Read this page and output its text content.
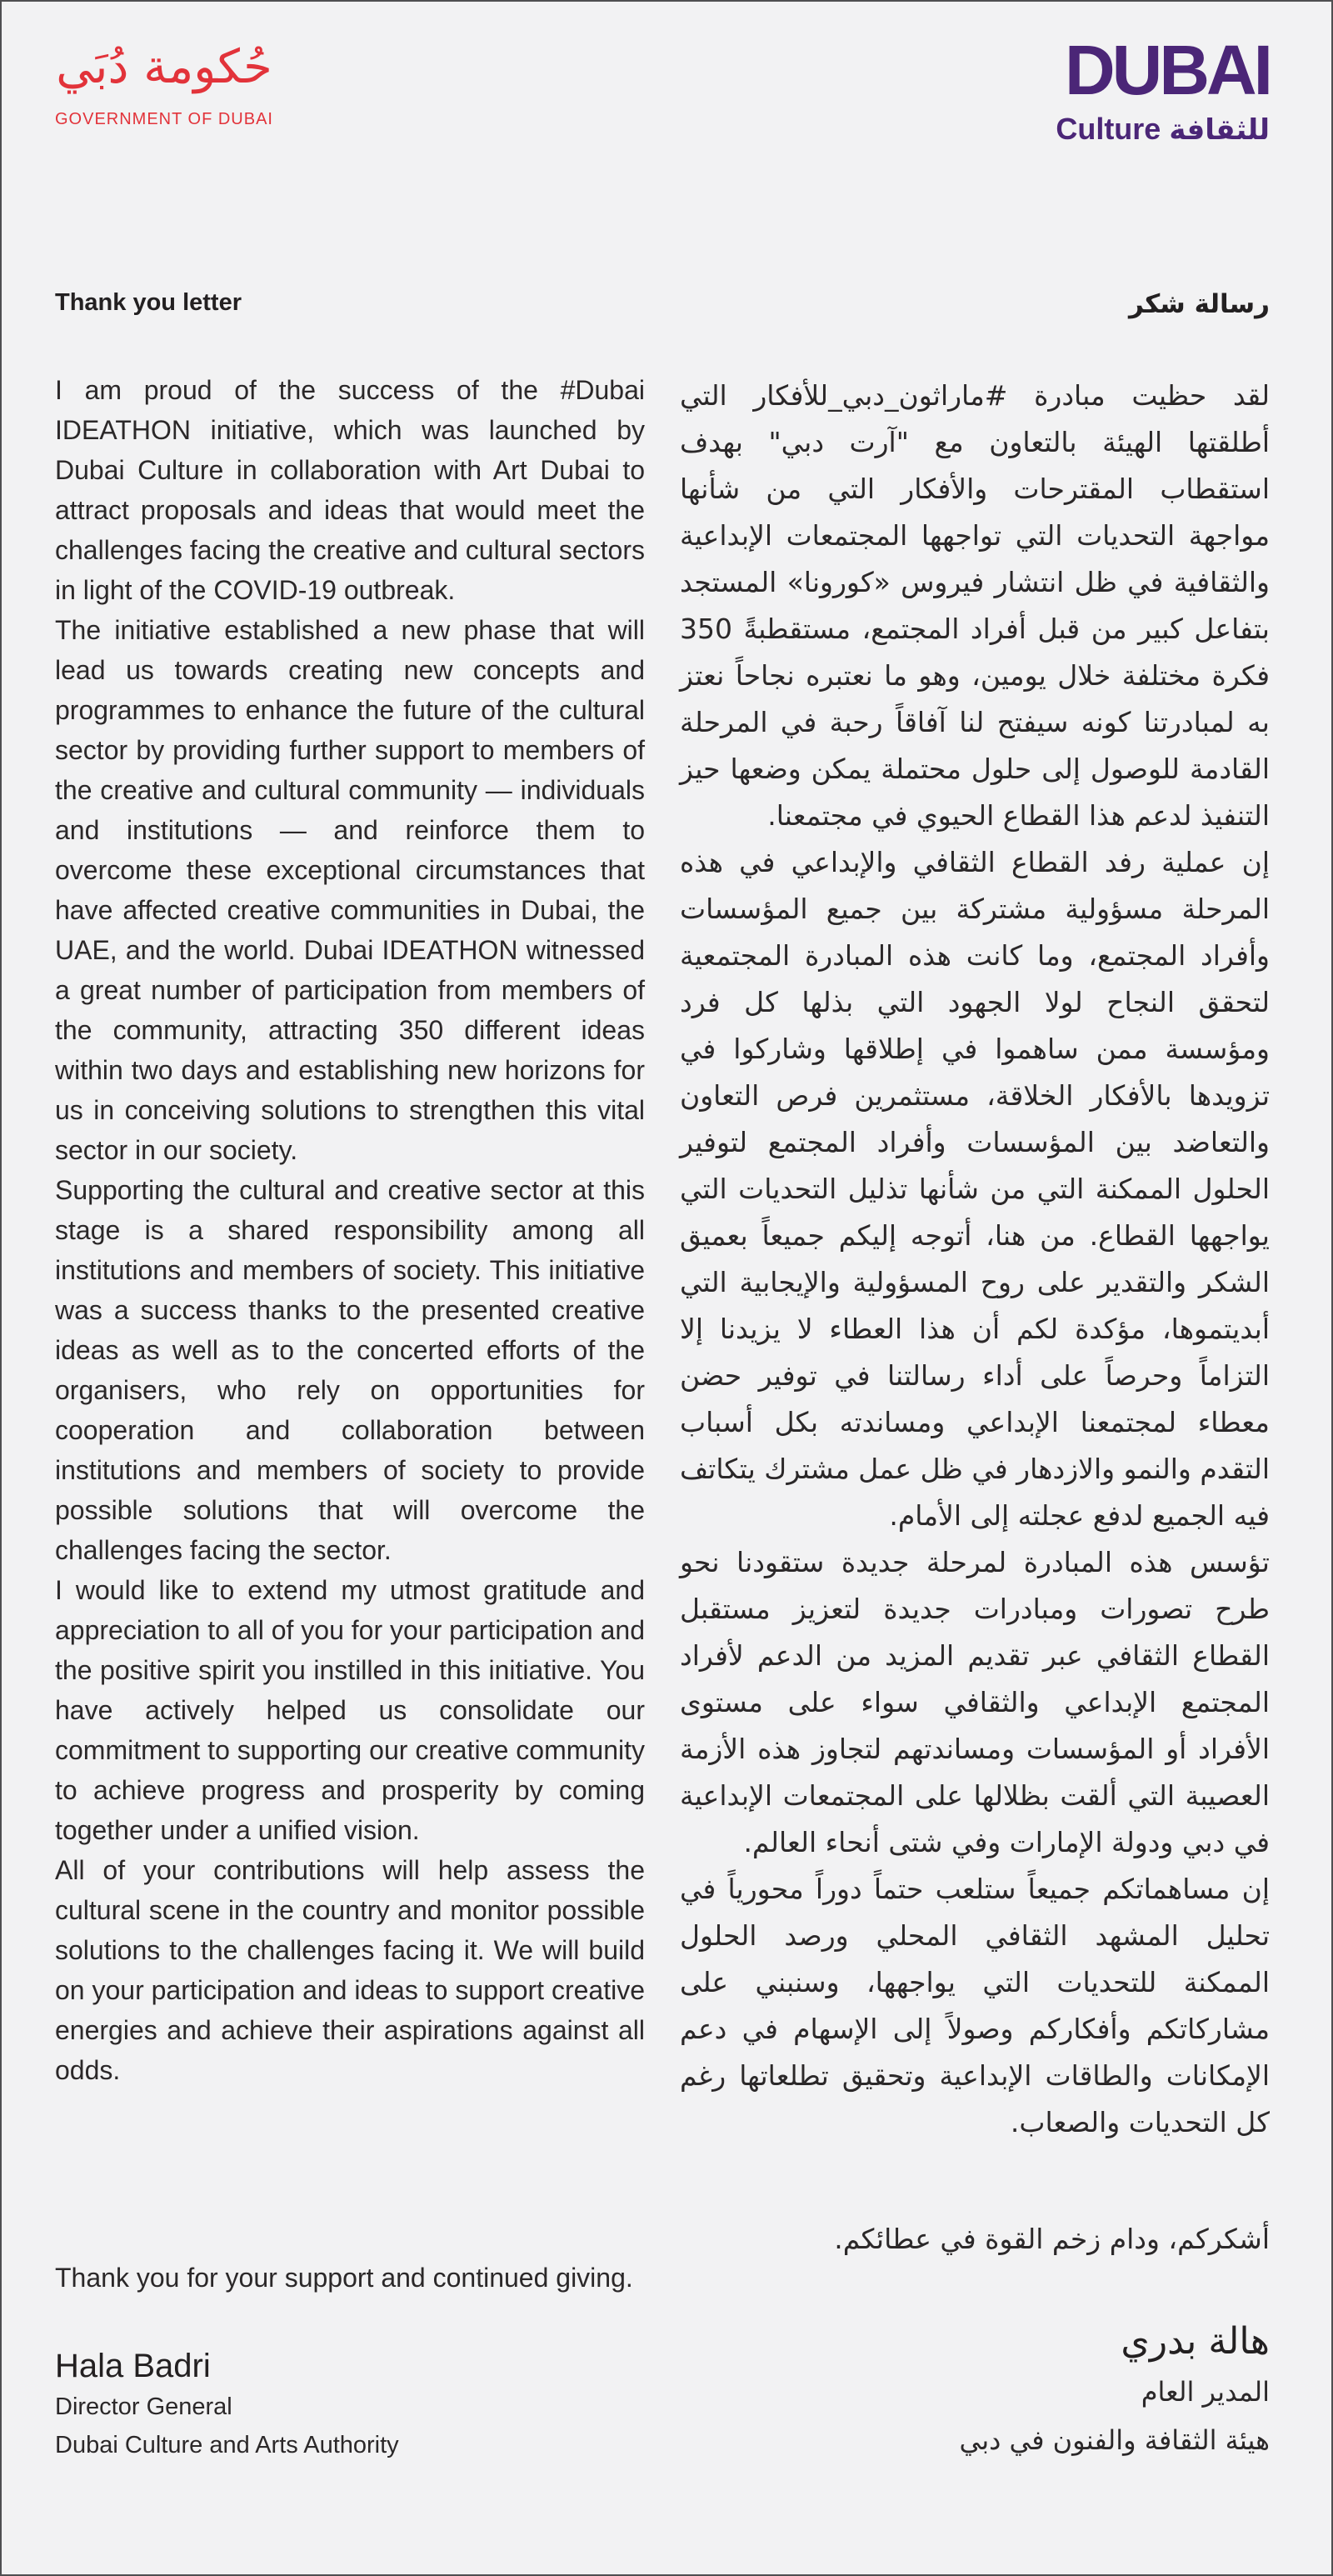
حُكومة دُبَي
GOVERNMENT OF DUBAI
DUBAI
Culture للثقافة
Thank you letter

I am proud of the success of the #Dubai IDEATHON initiative, which was launched by Dubai Culture in collaboration with Art Dubai to attract proposals and ideas that would meet the challenges facing the creative and cultural sectors in light of the COVID-19 outbreak.

The initiative established a new phase that will lead us towards creating new concepts and programmes to enhance the future of the cultural sector by providing further support to members of the creative and cultural community — individuals and institutions — and reinforce them to overcome these exceptional circumstances that have affected creative communities in Dubai, the UAE, and the world. Dubai IDEATHON witnessed a great number of participation from members of the community, attracting 350 different ideas within two days and establishing new horizons for us in conceiving solutions to strengthen this vital sector in our society.

Supporting the cultural and creative sector at this stage is a shared responsibility among all institutions and members of society. This initiative was a success thanks to the presented creative ideas as well as to the concerted efforts of the organisers, who rely on opportunities for cooperation and collaboration between institutions and members of society to provide possible solutions that will overcome the challenges facing the sector.

I would like to extend my utmost gratitude and appreciation to all of you for your participation and the positive spirit you instilled in this initiative. You have actively helped us consolidate our commitment to supporting our creative community to achieve progress and prosperity by coming together under a unified vision.

All of your contributions will help assess the cultural scene in the country and monitor possible solutions to the challenges facing it. We will build on your participation and ideas to support creative energies and achieve their aspirations against all odds.

Thank you for your support and continued giving.

Hala Badri
Director General
Dubai Culture and Arts Authority
رسالة شكر

لقد حظيت مبادرة #ماراثون_دبي_للأفكار التي أطلقتها الهيئة بالتعاون مع "آرت دبي" بهدف استقطاب المقترحات والأفكار التي من شأنها مواجهة التحديات التي تواجهها المجتمعات الإبداعية والثقافية في ظل انتشار فيروس «كورونا» المستجد بتفاعل كبير من قبل أفراد المجتمع، مستقطبةً 350 فكرة مختلفة خلال يومين، وهو ما نعتبره نجاحاً نعتز به لمبادرتنا كونه سيفتح لنا آفاقاً رحبة في المرحلة القادمة للوصول إلى حلول محتملة يمكن وضعها حيز التنفيذ لدعم هذا القطاع الحيوي في مجتمعنا.

إن عملية رفد القطاع الثقافي والإبداعي في هذه المرحلة مسؤولية مشتركة بين جميع المؤسسات وأفراد المجتمع، وما كانت هذه المبادرة المجتمعية لتحقق النجاح لولا الجهود التي بذلها كل فرد ومؤسسة ممن ساهموا في إطلاقها وشاركوا في تزويدها بالأفكار الخلاقة، مستثمرين فرص التعاون والتعاضد بين المؤسسات وأفراد المجتمع لتوفير الحلول الممكنة التي من شأنها تذليل التحديات التي يواجهها القطاع. من هنا، أتوجه إليكم جميعاً بعميق الشكر والتقدير على روح المسؤولية والإيجابية التي أبديتموها، مؤكدة لكم أن هذا العطاء لا يزيدنا إلا التزاماً وحرصاً على أداء رسالتنا في توفير حضن معطاء لمجتمعنا الإبداعي ومساندته بكل أسباب التقدم والنمو والازدهار في ظل عمل مشترك يتكاتف فيه الجميع لدفع عجلته إلى الأمام.

تؤسس هذه المبادرة لمرحلة جديدة ستقودنا نحو طرح تصورات ومبادرات جديدة لتعزيز مستقبل القطاع الثقافي عبر تقديم المزيد من الدعم لأفراد المجتمع الإبداعي والثقافي سواء على مستوى الأفراد أو المؤسسات ومساندتهم لتجاوز هذه الأزمة العصيبة التي ألقت بظلالها على المجتمعات الإبداعية في دبي ودولة الإمارات وفي شتى أنحاء العالم.

إن مساهماتكم جميعاً ستلعب حتماً دوراً محورياً في تحليل المشهد الثقافي المحلي ورصد الحلول الممكنة للتحديات التي يواجهها، وسنبني على مشاركاتكم وأفكاركم وصولاً إلى الإسهام في دعم الإمكانات والطاقات الإبداعية وتحقيق تطلعاتها رغم كل التحديات والصعاب.

أشكركم، ودام زخم القوة في عطائكم.

هالة بدري
المدير العام
هيئة الثقافة والفنون في دبي
